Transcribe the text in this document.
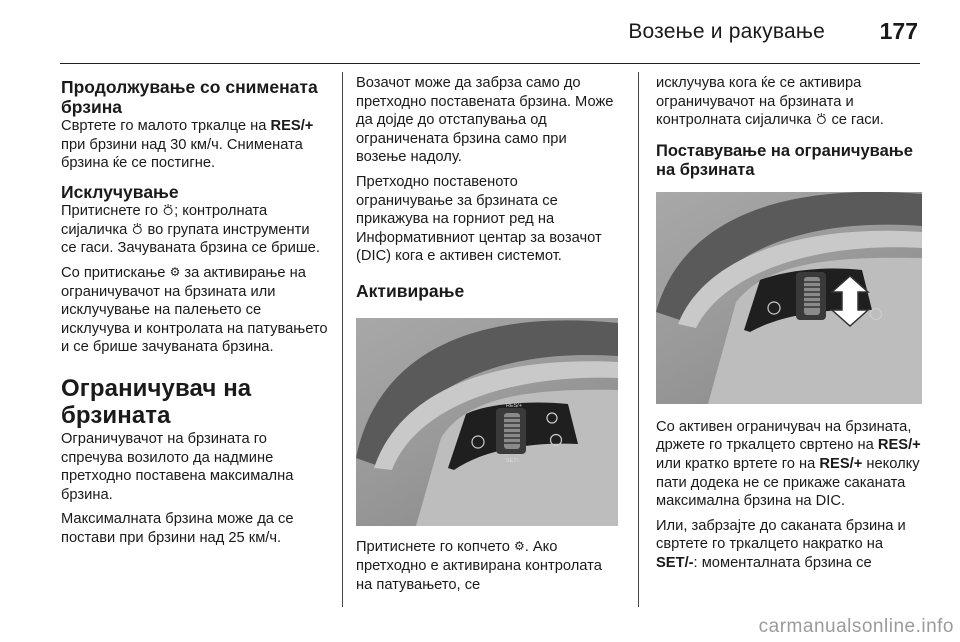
Возење и ракување 177
Продолжување со снимената брзина

Свртете го малото тркалце на RES/+ при брзини над 30 км/ч. Снимената брзина ќе се постигне.

Исклучување

Притиснете го ⛣; контролната сијаличка ⛣ во групата инструменти се гаси. Зачуваната брзина се брише.

Со притискање ⚙ за активирање на ограничувачот на брзината или исклучување на палењето се исклучува и контролата на патувањето и се брише зачуваната брзина.

Ограничувач на брзината

Ограничувачот на брзината го спречува возилото да надмине претходно поставена максимална брзина.

Максималната брзина може да се постави при брзини над 25 км/ч.

Возачот може да забрза само до претходно поставената брзина. Може да дојде до отстапувања од ограничената брзина само при возење надолу.

Претходно поставеното ограничување за брзината се прикажува на горниот ред на Информативниот центар за возачот (DIC) кога е активен системот.

Активирање
RES/+
SET/-

Притиснете го копчето ⚙. Ако претходно е активирана контролата на патувањето, се

исклучува кога ќе се активира ограничувачот на брзината и контролната сијаличка ⛣ се гаси.

Поставување на ограничување на брзината

Со активен ограничувач на брзината, држете го тркалцето свртено на RES/+ или кратко вртете го на RES/+ неколку пати додека не се прикаже саканата максимална брзина на DIC.

Или, забрзајте до саканата брзина и свртете го тркалцето накратко на SET/-: моменталната брзина се

carmanualsonline.info
